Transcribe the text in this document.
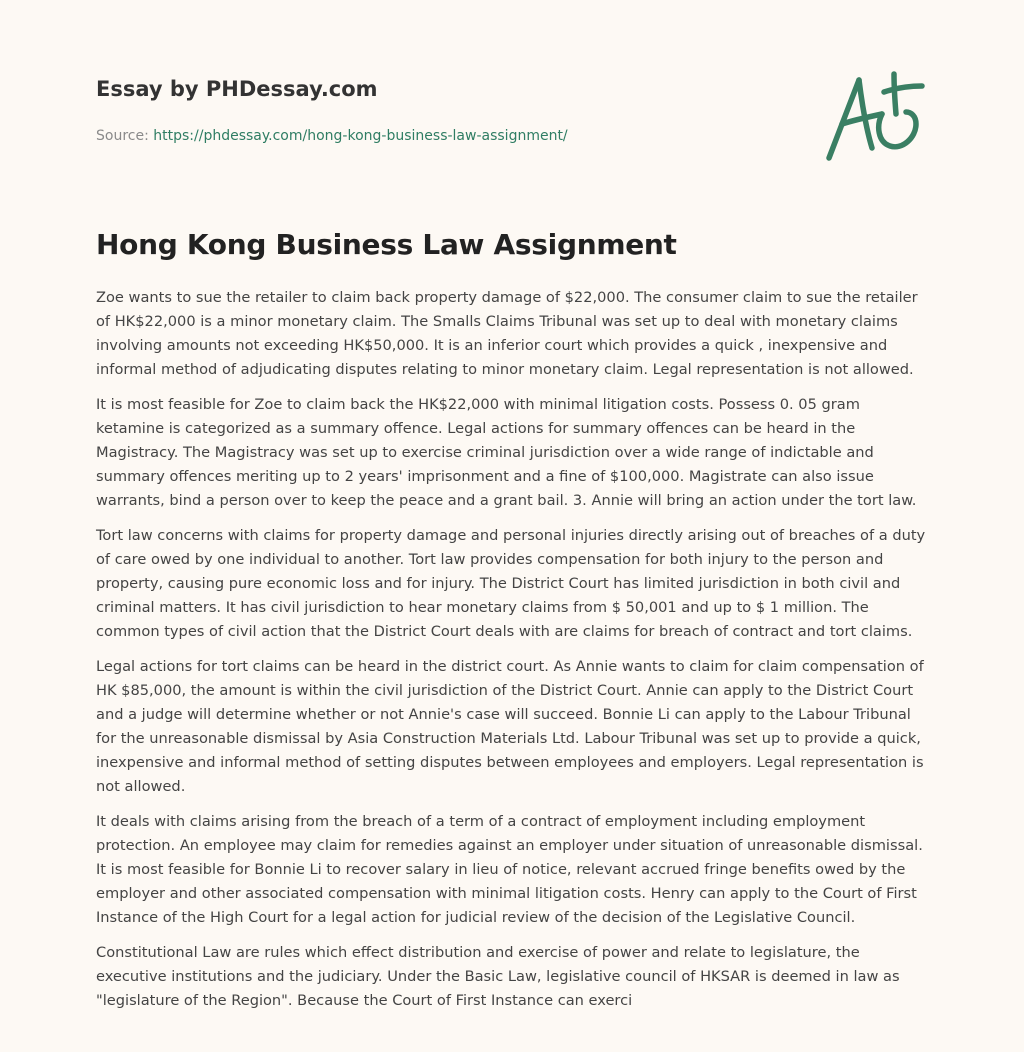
Essay by PHDessay.com
Source: https://phdessay.com/hong-kong-business-law-assignment/
Hong Kong Business Law Assignment

Zoe wants to sue the retailer to claim back property damage of $22,000. The consumer claim to sue the retailer of HK$22,000 is a minor monetary claim. The Smalls Claims Tribunal was set up to deal with monetary claims involving amounts not exceeding HK$50,000. It is an inferior court which provides a quick , inexpensive and informal method of adjudicating disputes relating to minor monetary claim. Legal representation is not allowed.

It is most feasible for Zoe to claim back the HK$22,000 with minimal litigation costs. Possess 0. 05 gram ketamine is categorized as a summary offence. Legal actions for summary offences can be heard in the Magistracy. The Magistracy was set up to exercise criminal jurisdiction over a wide range of indictable and summary offences meriting up to 2 years' imprisonment and a fine of $100,000. Magistrate can also issue warrants, bind a person over to keep the peace and a grant bail. 3. Annie will bring an action under the tort law.

Tort law concerns with claims for property damage and personal injuries directly arising out of breaches of a duty of care owed by one individual to another. Tort law provides compensation for both injury to the person and property, causing pure economic loss and for injury. The District Court has limited jurisdiction in both civil and criminal matters. It has civil jurisdiction to hear monetary claims from $ 50,001 and up to $ 1 million. The common types of civil action that the District Court deals with are claims for breach of contract and tort claims.

Legal actions for tort claims can be heard in the district court. As Annie wants to claim for claim compensation of HK $85,000, the amount is within the civil jurisdiction of the District Court. Annie can apply to the District Court and a judge will determine whether or not Annie's case will succeed. Bonnie Li can apply to the Labour Tribunal for the unreasonable dismissal by Asia Construction Materials Ltd. Labour Tribunal was set up to provide a quick, inexpensive and informal method of setting disputes between employees and employers. Legal representation is not allowed.

It deals with claims arising from the breach of a term of a contract of employment including employment protection. An employee may claim for remedies against an employer under situation of unreasonable dismissal. It is most feasible for Bonnie Li to recover salary in lieu of notice, relevant accrued fringe benefits owed by the employer and other associated compensation with minimal litigation costs. Henry can apply to the Court of First Instance of the High Court for a legal action for judicial review of the decision of the Legislative Council.

Constitutional Law are rules which effect distribution and exercise of power and relate to legislature, the executive institutions and the judiciary. Under the Basic Law, legislative council of HKSAR is deemed in law as "legislature of the Region". Because the Court of First Instance can exerci
